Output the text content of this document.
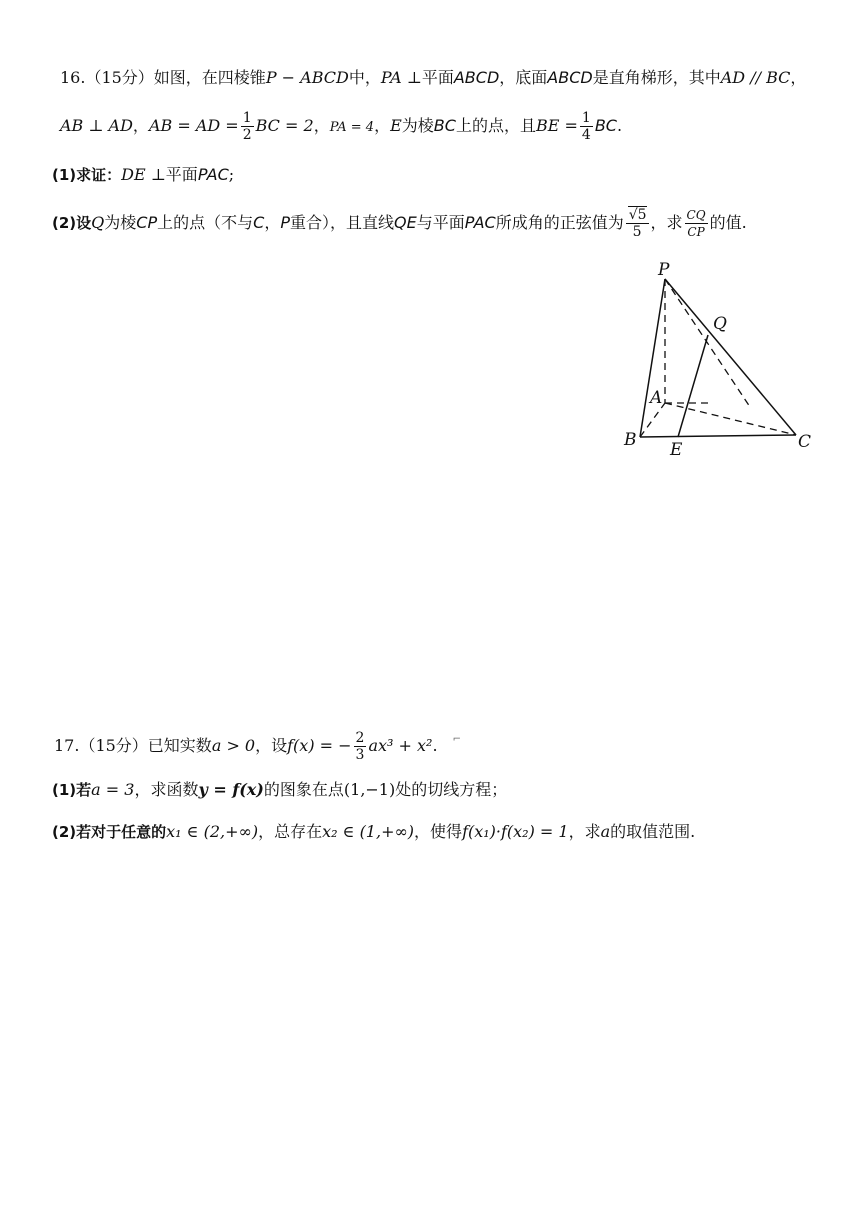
16.（15分）如图，在四棱锥P − ABCD中，PA ⊥平面ABCD，底面ABCD是直角梯形，其中AD // BC，
AB ⊥ AD，AB = AD = $\frac{1}{2}$ BC = 2，PA = 4，E为棱BC上的点，且BE = $\frac{1}{4}$ BC.
(1)求证：DE ⊥平面PAC;
(2)设Q为棱CP上的点（不与C，P重合），且直线QE与平面PAC所成角的正弦值为 $\frac{√5}{5}$ ，求 $\frac{CQ}{CP}$ 的值.
P
Q
A
B E	C
17.（15分）已知实数a > 0，设f(x) = − $\frac{2}{3} ax^3 + x^2$. ⌐
(1)若a = 3，求函数y = f(x)的图象在点(1,−1)处的切线方程；
(2)若对于任意的x₁ ∈ (2,+∞)，总存在x₂ ∈ (1,+∞)，使得f(x₁)·f(x₂) = 1，求a的取值范围.
